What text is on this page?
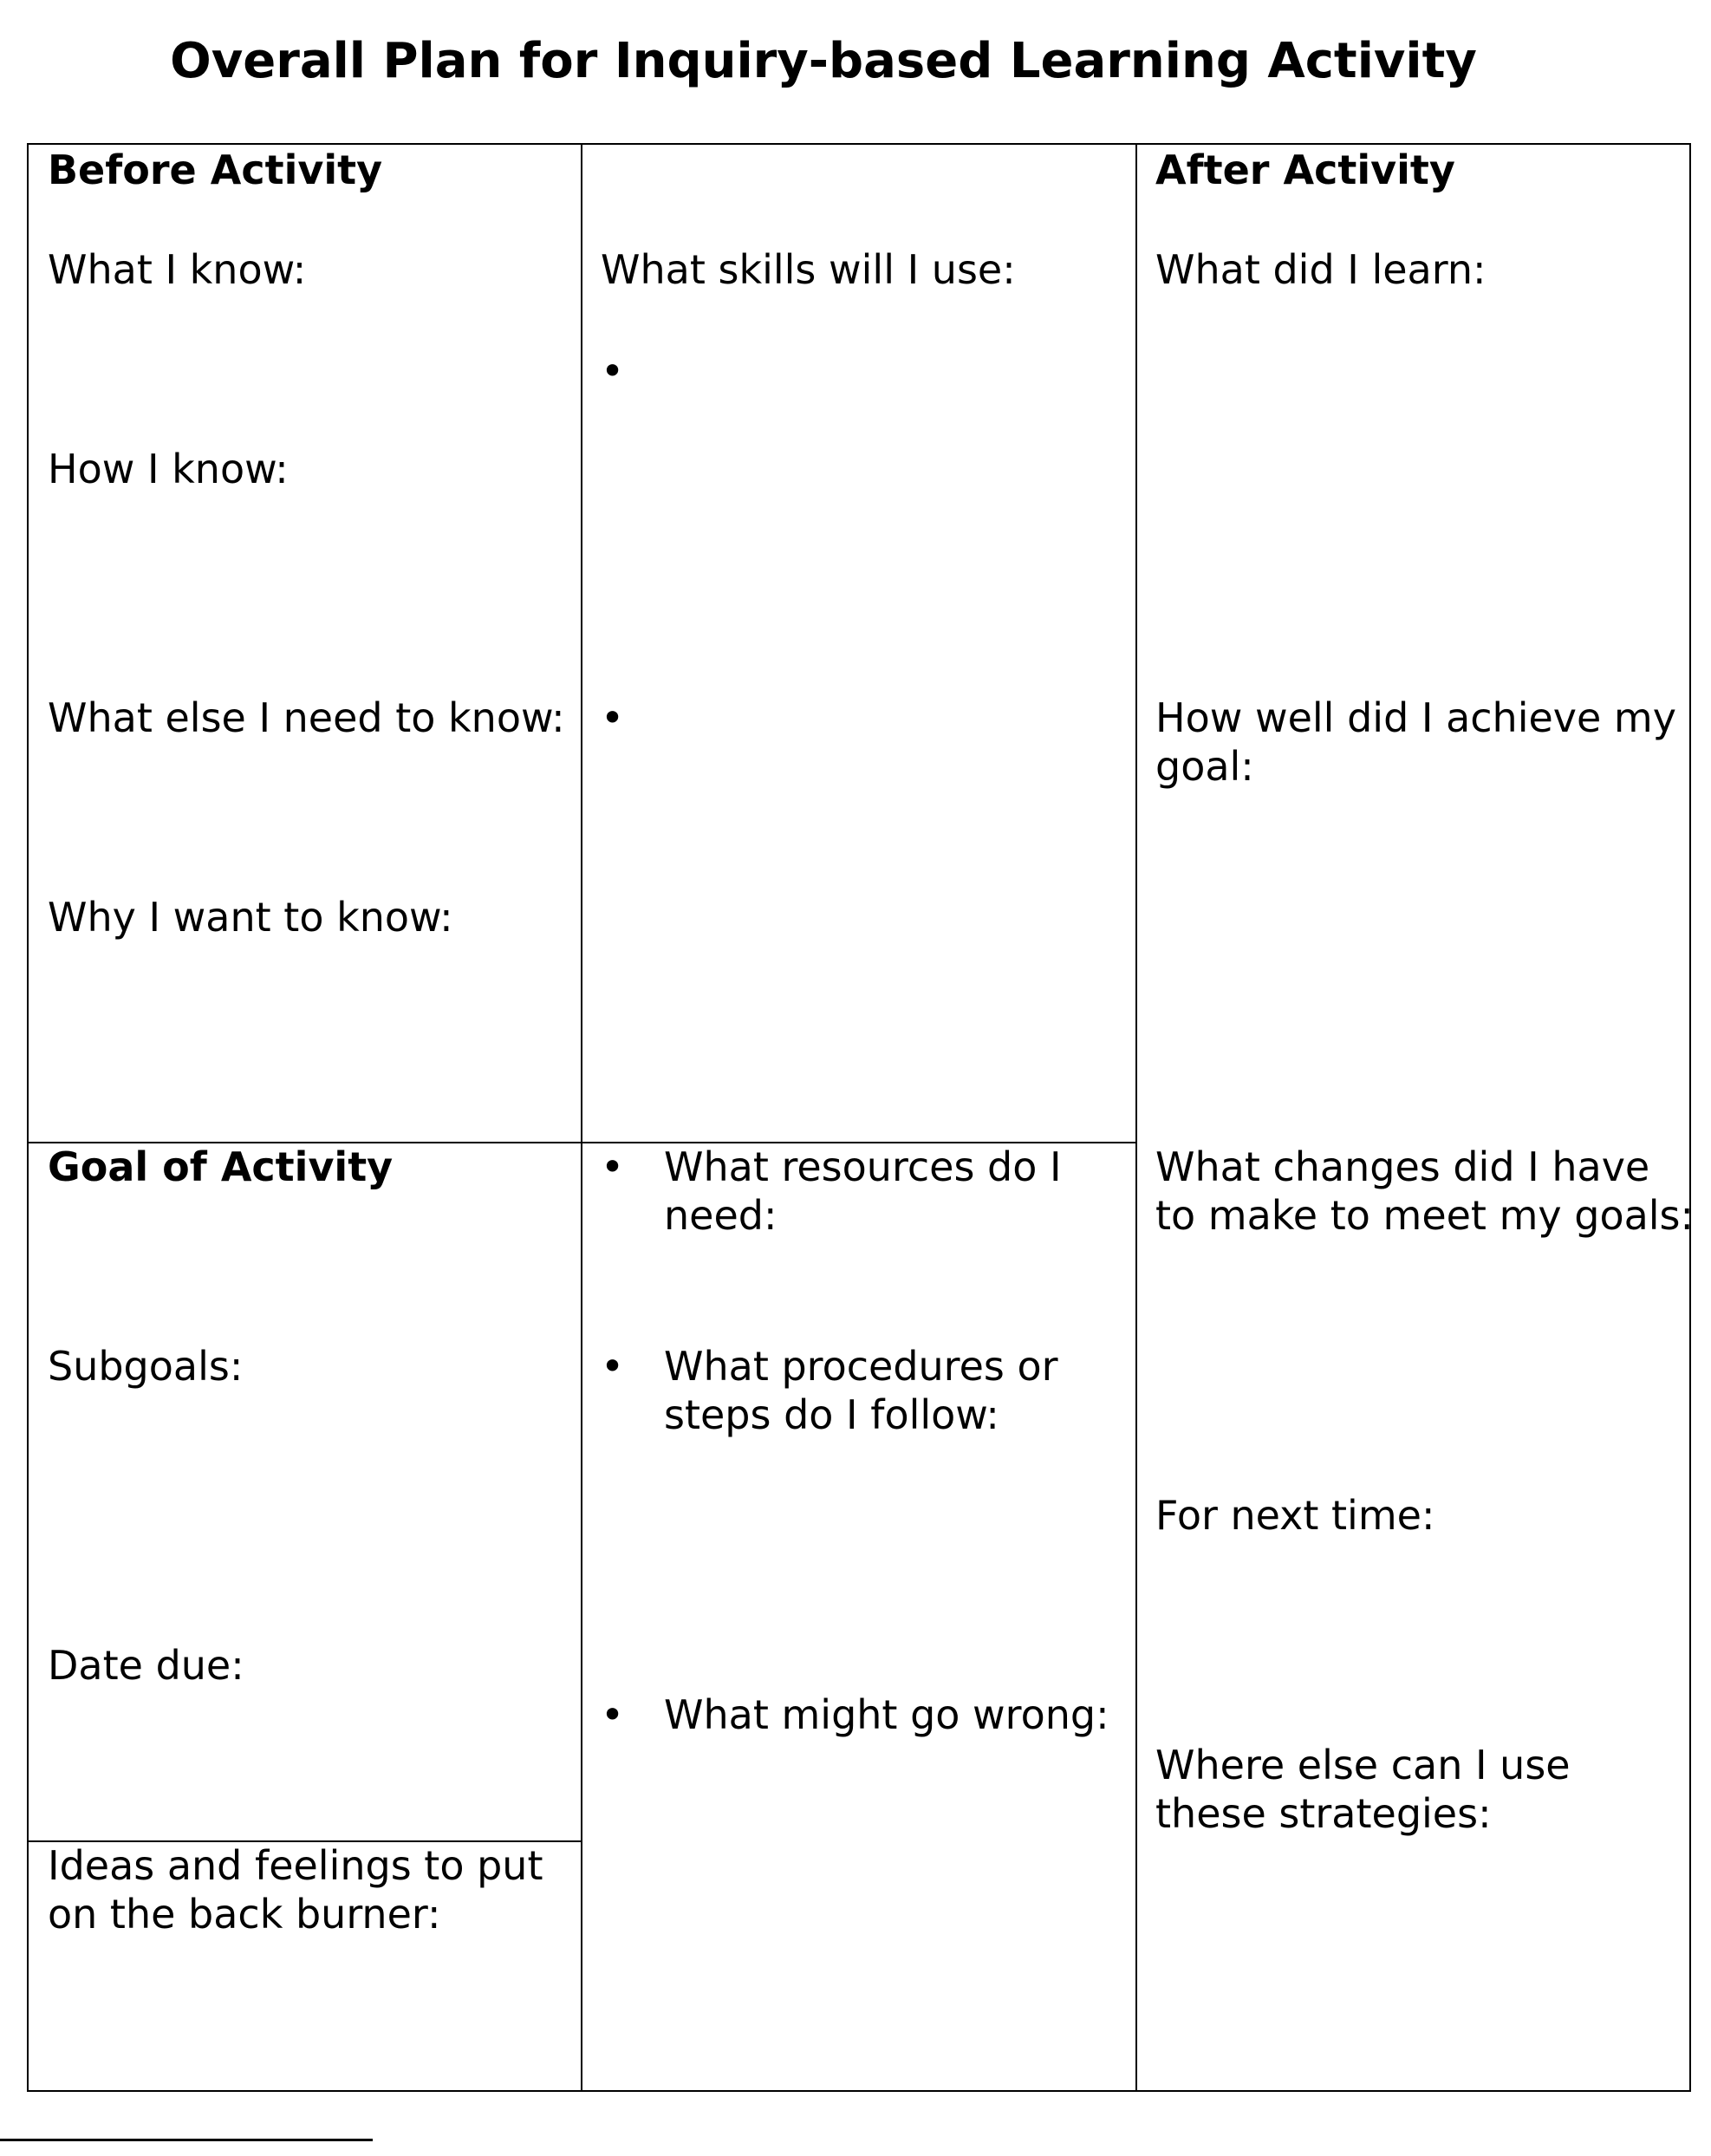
Overall Plan for Inquiry-based Learning Activity
Before Activity
What I know:
How I know:
What else I need to know:
Why I want to know:
Goal of Activity
Subgoals:
Date due:
Ideas and feelings to put
on the back burner:
What skills will I use:
•
•
• What resources do I
need:
• What procedures or
steps do I follow:
• What might go wrong:
After Activity
What did I learn:
How well did I achieve my
goal:
What changes did I have
to make to meet my goals:
For next time:
Where else can I use
these strategies:
